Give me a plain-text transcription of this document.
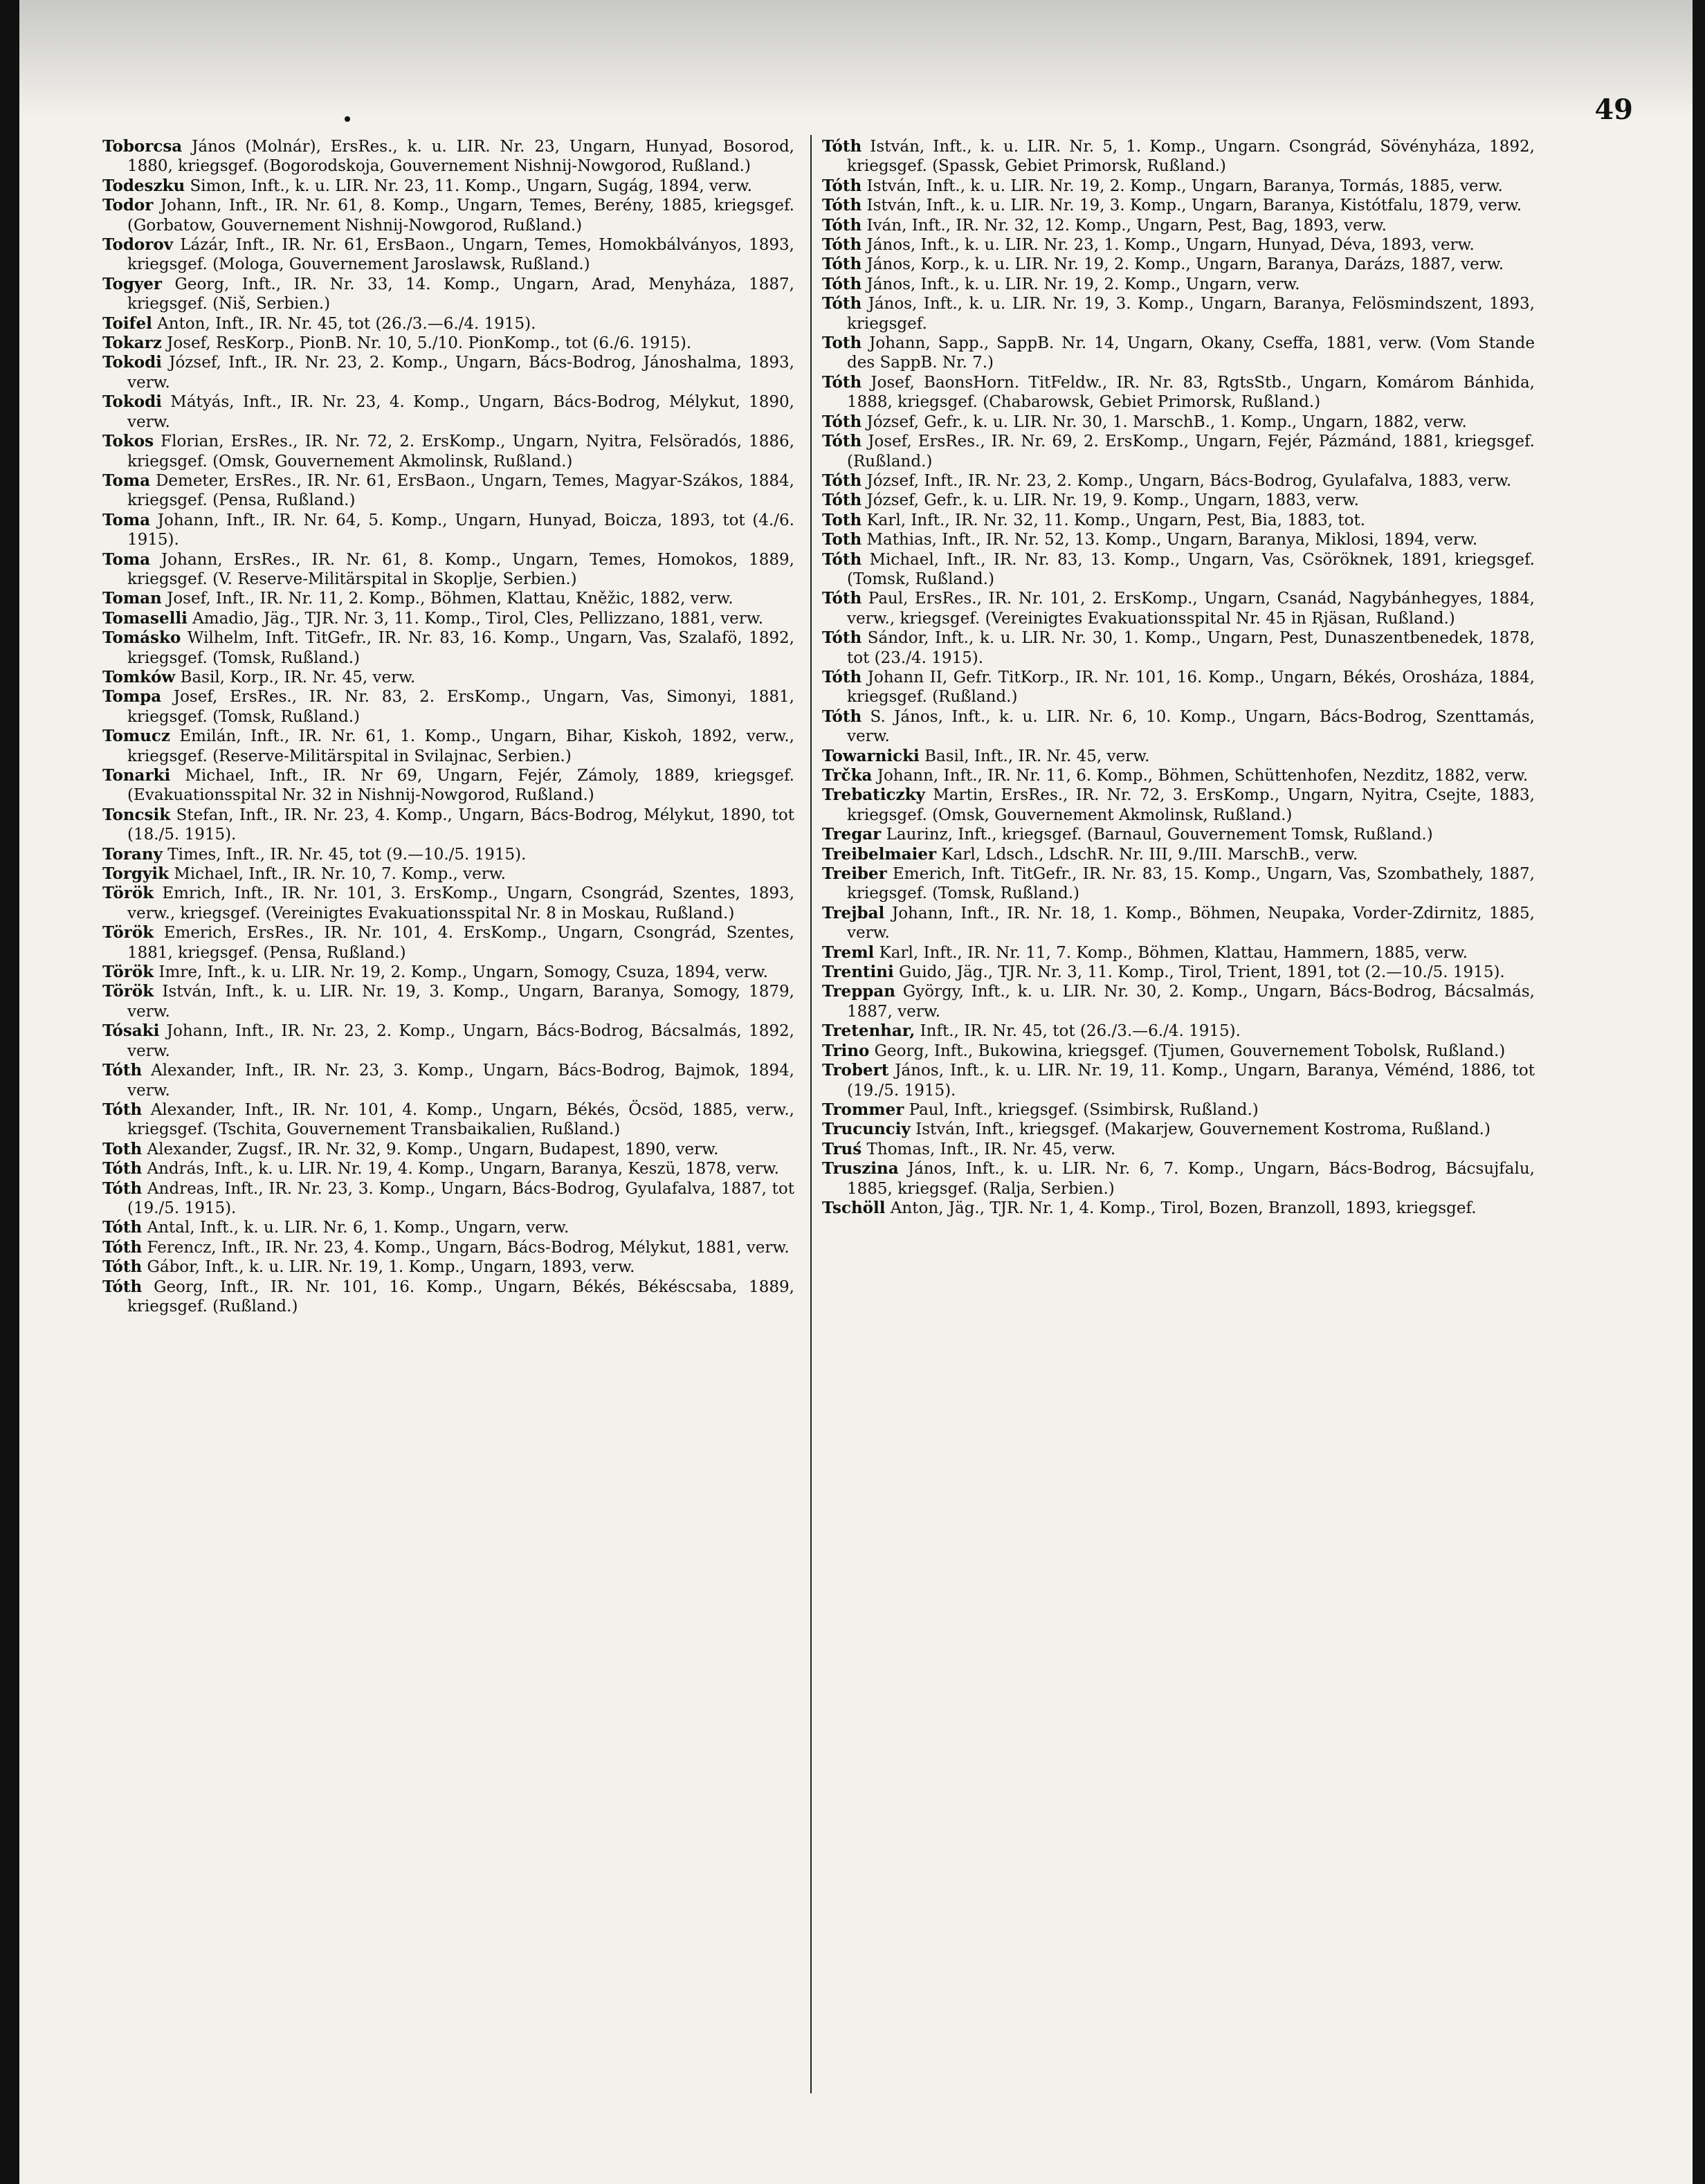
49

Toborcsa János (Molnár), ErsRes., k. u. LIR. Nr. 23, Ungarn, Hunyad, Bosorod, 1880, kriegsgef. (Bogorodskoja, Gouvernement Nishnij-Nowgorod, Rußland.)

Todeszku Simon, Inft., k. u. LIR. Nr. 23, 11. Komp., Ungarn, Sugág, 1894, verw.

Todor Johann, Inft., IR. Nr. 61, 8. Komp., Ungarn, Temes, Berény, 1885, kriegsgef. (Gorbatow, Gouvernement Nishnij-Nowgorod, Rußland.)

Todorov Lázár, Inft., IR. Nr. 61, ErsBaon., Ungarn, Temes, Homokbálványos, 1893, kriegsgef. (Mologa, Gouvernement Jaroslawsk, Rußland.)

Togyer Georg, Inft., IR. Nr. 33, 14. Komp., Ungarn, Arad, Menyháza, 1887, kriegsgef. (Niš, Serbien.)

Toifel Anton, Inft., IR. Nr. 45, tot (26./3.—6./4. 1915).

Tokarz Josef, ResKorp., PionB. Nr. 10, 5./10. PionKomp., tot (6./6. 1915).

Tokodi József, Inft., IR. Nr. 23, 2. Komp., Ungarn, Bács-Bodrog, Jánoshalma, 1893, verw.

Tokodi Mátyás, Inft., IR. Nr. 23, 4. Komp., Ungarn, Bács-Bodrog, Mélykut, 1890, verw.

Tokos Florian, ErsRes., IR. Nr. 72, 2. ErsKomp., Ungarn, Nyitra, Felsöradós, 1886, kriegsgef. (Omsk, Gouvernement Akmolinsk, Rußland.)

Toma Demeter, ErsRes., IR. Nr. 61, ErsBaon., Ungarn, Temes, Magyar-Szákos, 1884, kriegsgef. (Pensa, Rußland.)

Toma Johann, Inft., IR. Nr. 64, 5. Komp., Ungarn, Hunyad, Boicza, 1893, tot (4./6. 1915).

Toma Johann, ErsRes., IR. Nr. 61, 8. Komp., Ungarn, Temes, Homokos, 1889, kriegsgef. (V. Reserve-Militärspital in Skoplje, Serbien.)

Toman Josef, Inft., IR. Nr. 11, 2. Komp., Böhmen, Klattau, Kněžic, 1882, verw.

Tomaselli Amadio, Jäg., TJR. Nr. 3, 11. Komp., Tirol, Cles, Pellizzano, 1881, verw.

Tomásko Wilhelm, Inft. TitGefr., IR. Nr. 83, 16. Komp., Ungarn, Vas, Szalafö, 1892, kriegsgef. (Tomsk, Rußland.)

Tomków Basil, Korp., IR. Nr. 45, verw.

Tompa Josef, ErsRes., IR. Nr. 83, 2. ErsKomp., Ungarn, Vas, Simonyi, 1881, kriegsgef. (Tomsk, Rußland.)

Tomucz Emilán, Inft., IR. Nr. 61, 1. Komp., Ungarn, Bihar, Kiskoh, 1892, verw., kriegsgef. (Reserve-Militärspital in Svilajnac, Serbien.)

Tonarki Michael, Inft., IR. Nr 69, Ungarn, Fejér, Zámoly, 1889, kriegsgef. (Evakuationsspital Nr. 32 in Nishnij-Nowgorod, Rußland.)

Toncsik Stefan, Inft., IR. Nr. 23, 4. Komp., Ungarn, Bács-Bodrog, Mélykut, 1890, tot (18./5. 1915).

Torany Times, Inft., IR. Nr. 45, tot (9.—10./5. 1915).

Torgyik Michael, Inft., IR. Nr. 10, 7. Komp., verw.

Török Emrich, Inft., IR. Nr. 101, 3. ErsKomp., Ungarn, Csongrád, Szentes, 1893, verw., kriegsgef. (Vereinigtes Evakuationsspital Nr. 8 in Moskau, Rußland.)

Török Emerich, ErsRes., IR. Nr. 101, 4. ErsKomp., Ungarn, Csongrád, Szentes, 1881, kriegsgef. (Pensa, Rußland.)

Török Imre, Inft., k. u. LIR. Nr. 19, 2. Komp., Ungarn, Somogy, Csuza, 1894, verw.

Török István, Inft., k. u. LIR. Nr. 19, 3. Komp., Ungarn, Baranya, Somogy, 1879, verw.

Tósaki Johann, Inft., IR. Nr. 23, 2. Komp., Ungarn, Bács-Bodrog, Bácsalmás, 1892, verw.

Tóth Alexander, Inft., IR. Nr. 23, 3. Komp., Ungarn, Bács-Bodrog, Bajmok, 1894, verw.

Tóth Alexander, Inft., IR. Nr. 101, 4. Komp., Ungarn, Békés, Öcsöd, 1885, verw., kriegsgef. (Tschita, Gouvernement Transbaikalien, Rußland.)

Toth Alexander, Zugsf., IR. Nr. 32, 9. Komp., Ungarn, Budapest, 1890, verw.

Tóth András, Inft., k. u. LIR. Nr. 19, 4. Komp., Ungarn, Baranya, Keszü, 1878, verw.

Tóth Andreas, Inft., IR. Nr. 23, 3. Komp., Ungarn, Bács-Bodrog, Gyulafalva, 1887, tot (19./5. 1915).

Tóth Antal, Inft., k. u. LIR. Nr. 6, 1. Komp., Ungarn, verw.

Tóth Ferencz, Inft., IR. Nr. 23, 4. Komp., Ungarn, Bács-Bodrog, Mélykut, 1881, verw.

Tóth Gábor, Inft., k. u. LIR. Nr. 19, 1. Komp., Ungarn, 1893, verw.

Tóth Georg, Inft., IR. Nr. 101, 16. Komp., Ungarn, Békés, Békéscsaba, 1889, kriegsgef. (Rußland.)

Tóth István, Inft., k. u. LIR. Nr. 5, 1. Komp., Ungarn. Csongrád, Sövényháza, 1892, kriegsgef. (Spassk, Gebiet Primorsk, Rußland.)

Tóth István, Inft., k. u. LIR. Nr. 19, 2. Komp., Ungarn, Baranya, Tormás, 1885, verw.

Tóth István, Inft., k. u. LIR. Nr. 19, 3. Komp., Ungarn, Baranya, Kistótfalu, 1879, verw.

Tóth Iván, Inft., IR. Nr. 32, 12. Komp., Ungarn, Pest, Bag, 1893, verw.

Tóth János, Inft., k. u. LIR. Nr. 23, 1. Komp., Ungarn, Hunyad, Déva, 1893, verw.

Tóth János, Korp., k. u. LIR. Nr. 19, 2. Komp., Ungarn, Baranya, Darázs, 1887, verw.

Tóth János, Inft., k. u. LIR. Nr. 19, 2. Komp., Ungarn, verw.

Tóth János, Inft., k. u. LIR. Nr. 19, 3. Komp., Ungarn, Baranya, Felösmindszent, 1893, kriegsgef.

Toth Johann, Sapp., SappB. Nr. 14, Ungarn, Okany, Cseffa, 1881, verw. (Vom Stande des SappB. Nr. 7.)

Tóth Josef, BaonsHorn. TitFeldw., IR. Nr. 83, RgtsStb., Ungarn, Komárom Bánhida, 1888, kriegsgef. (Chabarowsk, Gebiet Primorsk, Rußland.)

Tóth József, Gefr., k. u. LIR. Nr. 30, 1. MarschB., 1. Komp., Ungarn, 1882, verw.

Tóth Josef, ErsRes., IR. Nr. 69, 2. ErsKomp., Ungarn, Fejér, Pázmánd, 1881, kriegsgef. (Rußland.)

Tóth József, Inft., IR. Nr. 23, 2. Komp., Ungarn, Bács-Bodrog, Gyulafalva, 1883, verw.

Tóth József, Gefr., k. u. LIR. Nr. 19, 9. Komp., Ungarn, 1883, verw.

Toth Karl, Inft., IR. Nr. 32, 11. Komp., Ungarn, Pest, Bia, 1883, tot.

Toth Mathias, Inft., IR. Nr. 52, 13. Komp., Ungarn, Baranya, Miklosi, 1894, verw.

Tóth Michael, Inft., IR. Nr. 83, 13. Komp., Ungarn, Vas, Csöröknek, 1891, kriegsgef. (Tomsk, Rußland.)

Tóth Paul, ErsRes., IR. Nr. 101, 2. ErsKomp., Ungarn, Csanád, Nagybánhegyes, 1884, verw., kriegsgef. (Vereinigtes Evakuationsspital Nr. 45 in Rjäsan, Rußland.)

Tóth Sándor, Inft., k. u. LIR. Nr. 30, 1. Komp., Ungarn, Pest, Dunaszentbenedek, 1878, tot (23./4. 1915).

Tóth Johann II, Gefr. TitKorp., IR. Nr. 101, 16. Komp., Ungarn, Békés, Orosháza, 1884, kriegsgef. (Rußland.)

Tóth S. János, Inft., k. u. LIR. Nr. 6, 10. Komp., Ungarn, Bács-Bodrog, Szenttamás, verw.

Towarnicki Basil, Inft., IR. Nr. 45, verw.

Trčka Johann, Inft., IR. Nr. 11, 6. Komp., Böhmen, Schüttenhofen, Nezditz, 1882, verw.

Trebaticzky Martin, ErsRes., IR. Nr. 72, 3. ErsKomp., Ungarn, Nyitra, Csejte, 1883, kriegsgef. (Omsk, Gouvernement Akmolinsk, Rußland.)

Tregar Laurinz, Inft., kriegsgef. (Barnaul, Gouvernement Tomsk, Rußland.)

Treibelmaier Karl, Ldsch., LdschR. Nr. III, 9./III. MarschB., verw.

Treiber Emerich, Inft. TitGefr., IR. Nr. 83, 15. Komp., Ungarn, Vas, Szombathely, 1887, kriegsgef. (Tomsk, Rußland.)

Trejbal Johann, Inft., IR. Nr. 18, 1. Komp., Böhmen, Neupaka, Vorder-Zdirnitz, 1885, verw.

Treml Karl, Inft., IR. Nr. 11, 7. Komp., Böhmen, Klattau, Hammern, 1885, verw.

Trentini Guido, Jäg., TJR. Nr. 3, 11. Komp., Tirol, Trient, 1891, tot (2.—10./5. 1915).

Treppan György, Inft., k. u. LIR. Nr. 30, 2. Komp., Ungarn, Bács-Bodrog, Bácsalmás, 1887, verw.

Tretenhar, Inft., IR. Nr. 45, tot (26./3.—6./4. 1915).

Trino Georg, Inft., Bukowina, kriegsgef. (Tjumen, Gouvernement Tobolsk, Rußland.)

Trobert János, Inft., k. u. LIR. Nr. 19, 11. Komp., Ungarn, Baranya, Véménd, 1886, tot (19./5. 1915).

Trommer Paul, Inft., kriegsgef. (Ssimbirsk, Rußland.)

Trucunciy István, Inft., kriegsgef. (Makarjew, Gouvernement Kostroma, Rußland.)

Truś Thomas, Inft., IR. Nr. 45, verw.

Truszina János, Inft., k. u. LIR. Nr. 6, 7. Komp., Ungarn, Bács-Bodrog, Bácsujfalu, 1885, kriegsgef. (Ralja, Serbien.)

Tschöll Anton, Jäg., TJR. Nr. 1, 4. Komp., Tirol, Bozen, Branzoll, 1893, kriegsgef.
